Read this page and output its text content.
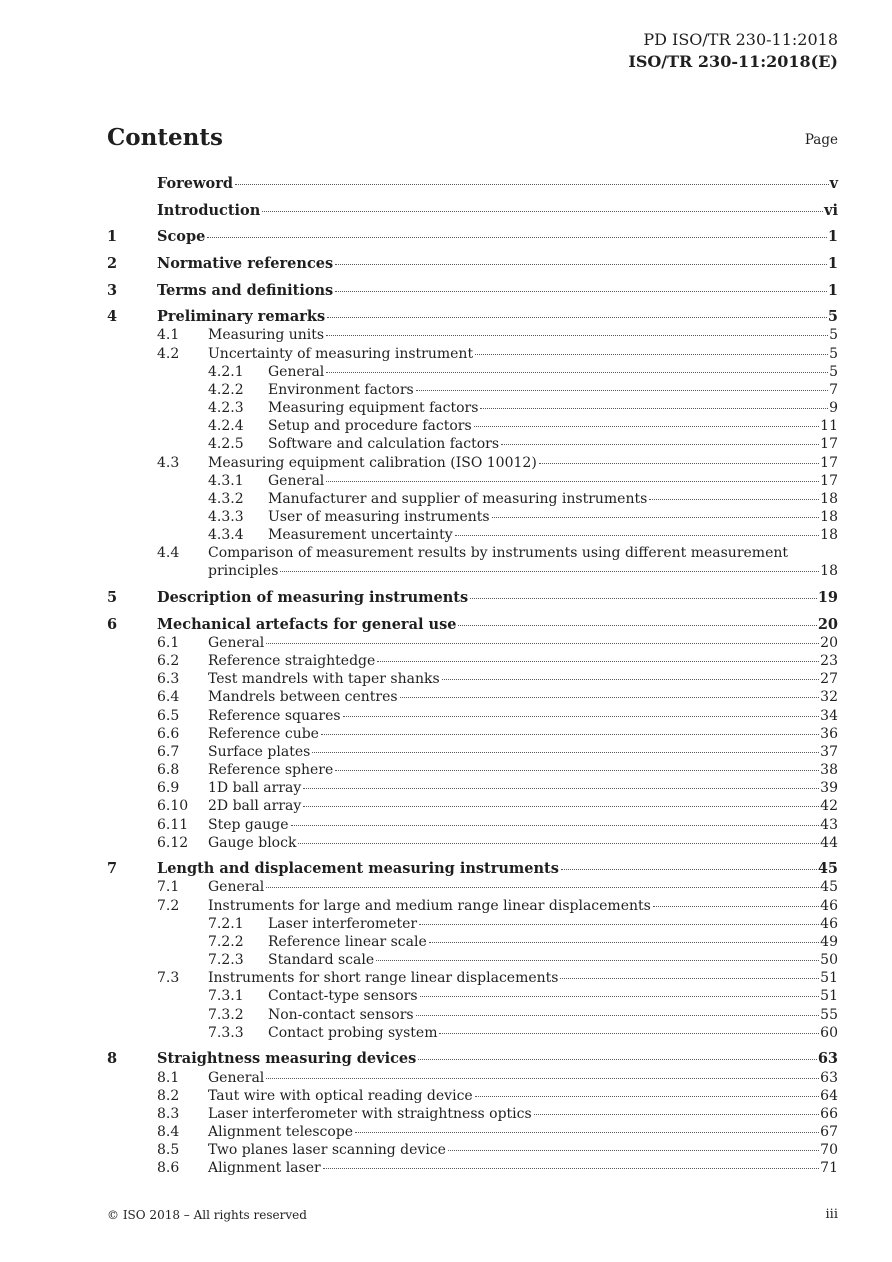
PD ISO/TR 230-11:2018
ISO/TR 230-11:2018(E)
Contents	Page
Foreword	v
Introduction	vi
1	Scope	1
2	Normative references	1
3	Terms and definitions	1
4	Preliminary remarks	5
4.1	Measuring units	5
4.2	Uncertainty of measuring instrument	5
4.2.1	General	5
4.2.2	Environment factors	7
4.2.3	Measuring equipment factors	9
4.2.4	Setup and procedure factors	11
4.2.5	Software and calculation factors	17
4.3	Measuring equipment calibration (ISO 10012)	17
4.3.1	General	17
4.3.2	Manufacturer and supplier of measuring instruments	18
4.3.3	User of measuring instruments	18
4.3.4	Measurement uncertainty	18
4.4	Comparison of measurement results by instruments using different measurement
principles	18
5	Description of measuring instruments	19
6	Mechanical artefacts for general use	20
6.1	General	20
6.2	Reference straightedge	23
6.3	Test mandrels with taper shanks	27
6.4	Mandrels between centres	32
6.5	Reference squares	34
6.6	Reference cube	36
6.7	Surface plates	37
6.8	Reference sphere	38
6.9	1D ball array	39
6.10	2D ball array	42
6.11	Step gauge	43
6.12	Gauge block	44
7	Length and displacement measuring instruments	45
7.1	General	45
7.2	Instruments for large and medium range linear displacements	46
7.2.1	Laser interferometer	46
7.2.2	Reference linear scale	49
7.2.3	Standard scale	50
7.3	Instruments for short range linear displacements	51
7.3.1	Contact-type sensors	51
7.3.2	Non-contact sensors	55
7.3.3	Contact probing system	60
8	Straightness measuring devices	63
8.1	General	63
8.2	Taut wire with optical reading device	64
8.3	Laser interferometer with straightness optics	66
8.4	Alignment telescope	67
8.5	Two planes laser scanning device	70
8.6	Alignment laser	71
© ISO 2018 – All rights reserved	iii
